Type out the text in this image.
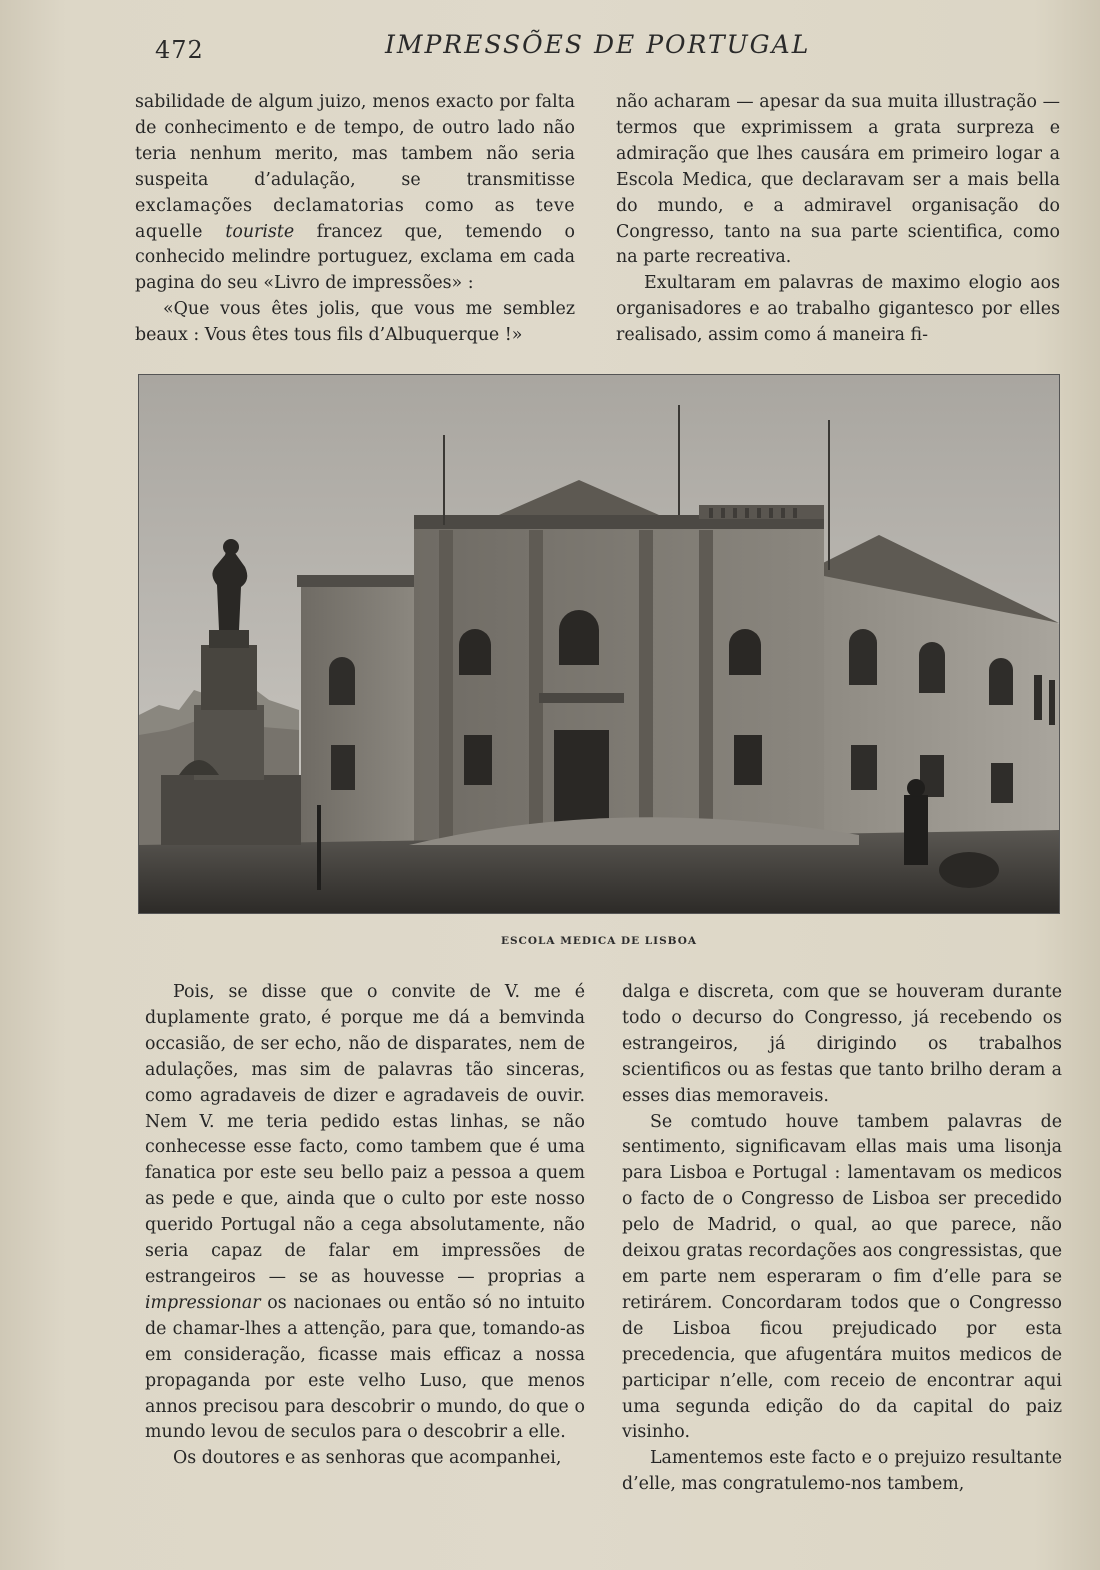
472	IMPRESSÕES DE PORTUGAL

sabilidade de algum juizo, menos exacto por falta de conhecimento e de tempo, de outro lado não teria nenhum merito, mas tambem não seria suspeita d’adulação, se transmitisse exclamações declamatorias como as teve aquelle touriste francez que, temendo o conhecido melindre portuguez, exclama em cada pagina do seu «Livro de impressões» :

«Que vous êtes jolis, que vous me semblez beaux : Vous êtes tous fils d’Albuquerque !»

não acharam — apesar da sua muita illustração — termos que exprimissem a grata surpreza e admiração que lhes causára em primeiro logar a Escola Medica, que declaravam ser a mais bella do mundo, e a admiravel organisação do Congresso, tanto na sua parte scientifica, como na parte recreativa.

Exultaram em palavras de maximo elogio aos organisadores e ao trabalho gigantesco por elles realisado, assim como á maneira fi-

ESCOLA MEDICA DE LISBOA

Pois, se disse que o convite de V. me é duplamente grato, é porque me dá a bemvinda occasião, de ser echo, não de disparates, nem de adulações, mas sim de palavras tão sinceras, como agradaveis de dizer e agradaveis de ouvir. Nem V. me teria pedido estas linhas, se não conhecesse esse facto, como tambem que é uma fanatica por este seu bello paiz a pessoa a quem as pede e que, ainda que o culto por este nosso querido Portugal não a cega absolutamente, não seria capaz de falar em impressões de estrangeiros — se as houvesse — proprias a impressionar os nacionaes ou então só no intuito de chamar-lhes a attenção, para que, tomando-as em consideração, ficasse mais efficaz a nossa propaganda por este velho Luso, que menos annos precisou para descobrir o mundo, do que o mundo levou de seculos para o descobrir a elle.

Os doutores e as senhoras que acompanhei,

dalga e discreta, com que se houveram durante todo o decurso do Congresso, já recebendo os estrangeiros, já dirigindo os trabalhos scientificos ou as festas que tanto brilho deram a esses dias memoraveis.

Se comtudo houve tambem palavras de sentimento, significavam ellas mais uma lisonja para Lisboa e Portugal : lamentavam os medicos o facto de o Congresso de Lisboa ser precedido pelo de Madrid, o qual, ao que parece, não deixou gratas recordações aos congressistas, que em parte nem esperaram o fim d’elle para se retirárem. Concordaram todos que o Congresso de Lisboa ficou prejudicado por esta precedencia, que afugentára muitos medicos de participar n’elle, com receio de encontrar aqui uma segunda edição do da capital do paiz visinho.

Lamentemos este facto e o prejuizo resultante d’elle, mas congratulemo-nos tambem,
